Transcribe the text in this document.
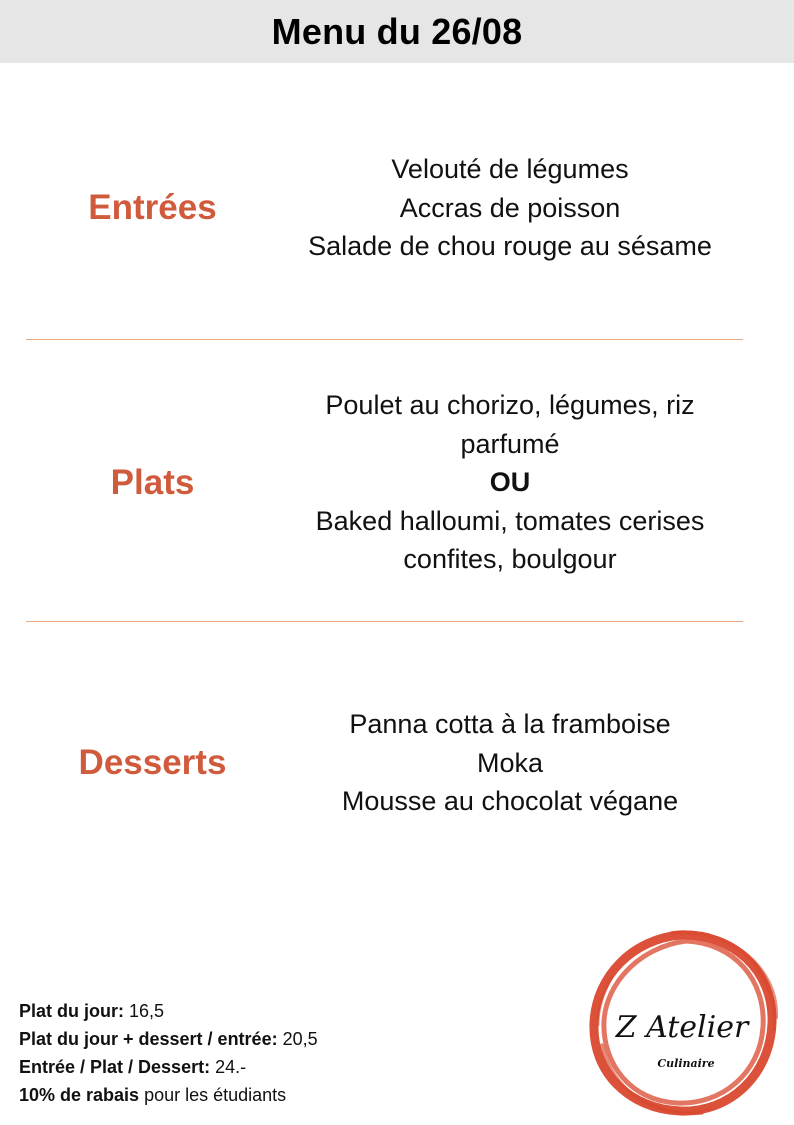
Menu du 26/08
Entrées
Velouté de légumes
Accras de poisson
Salade de chou rouge au sésame
Plats
Poulet au chorizo, légumes, riz
parfumé
OU
Baked halloumi, tomates cerises
confites, boulgour
Desserts
Panna cotta à la framboise
Moka
Mousse au chocolat végane
Plat du jour: 16,5
Plat du jour + dessert / entrée: 20,5
Entrée / Plat / Dessert: 24.-
10% de rabais pour les étudiants
Z Atelier
Culinaire
